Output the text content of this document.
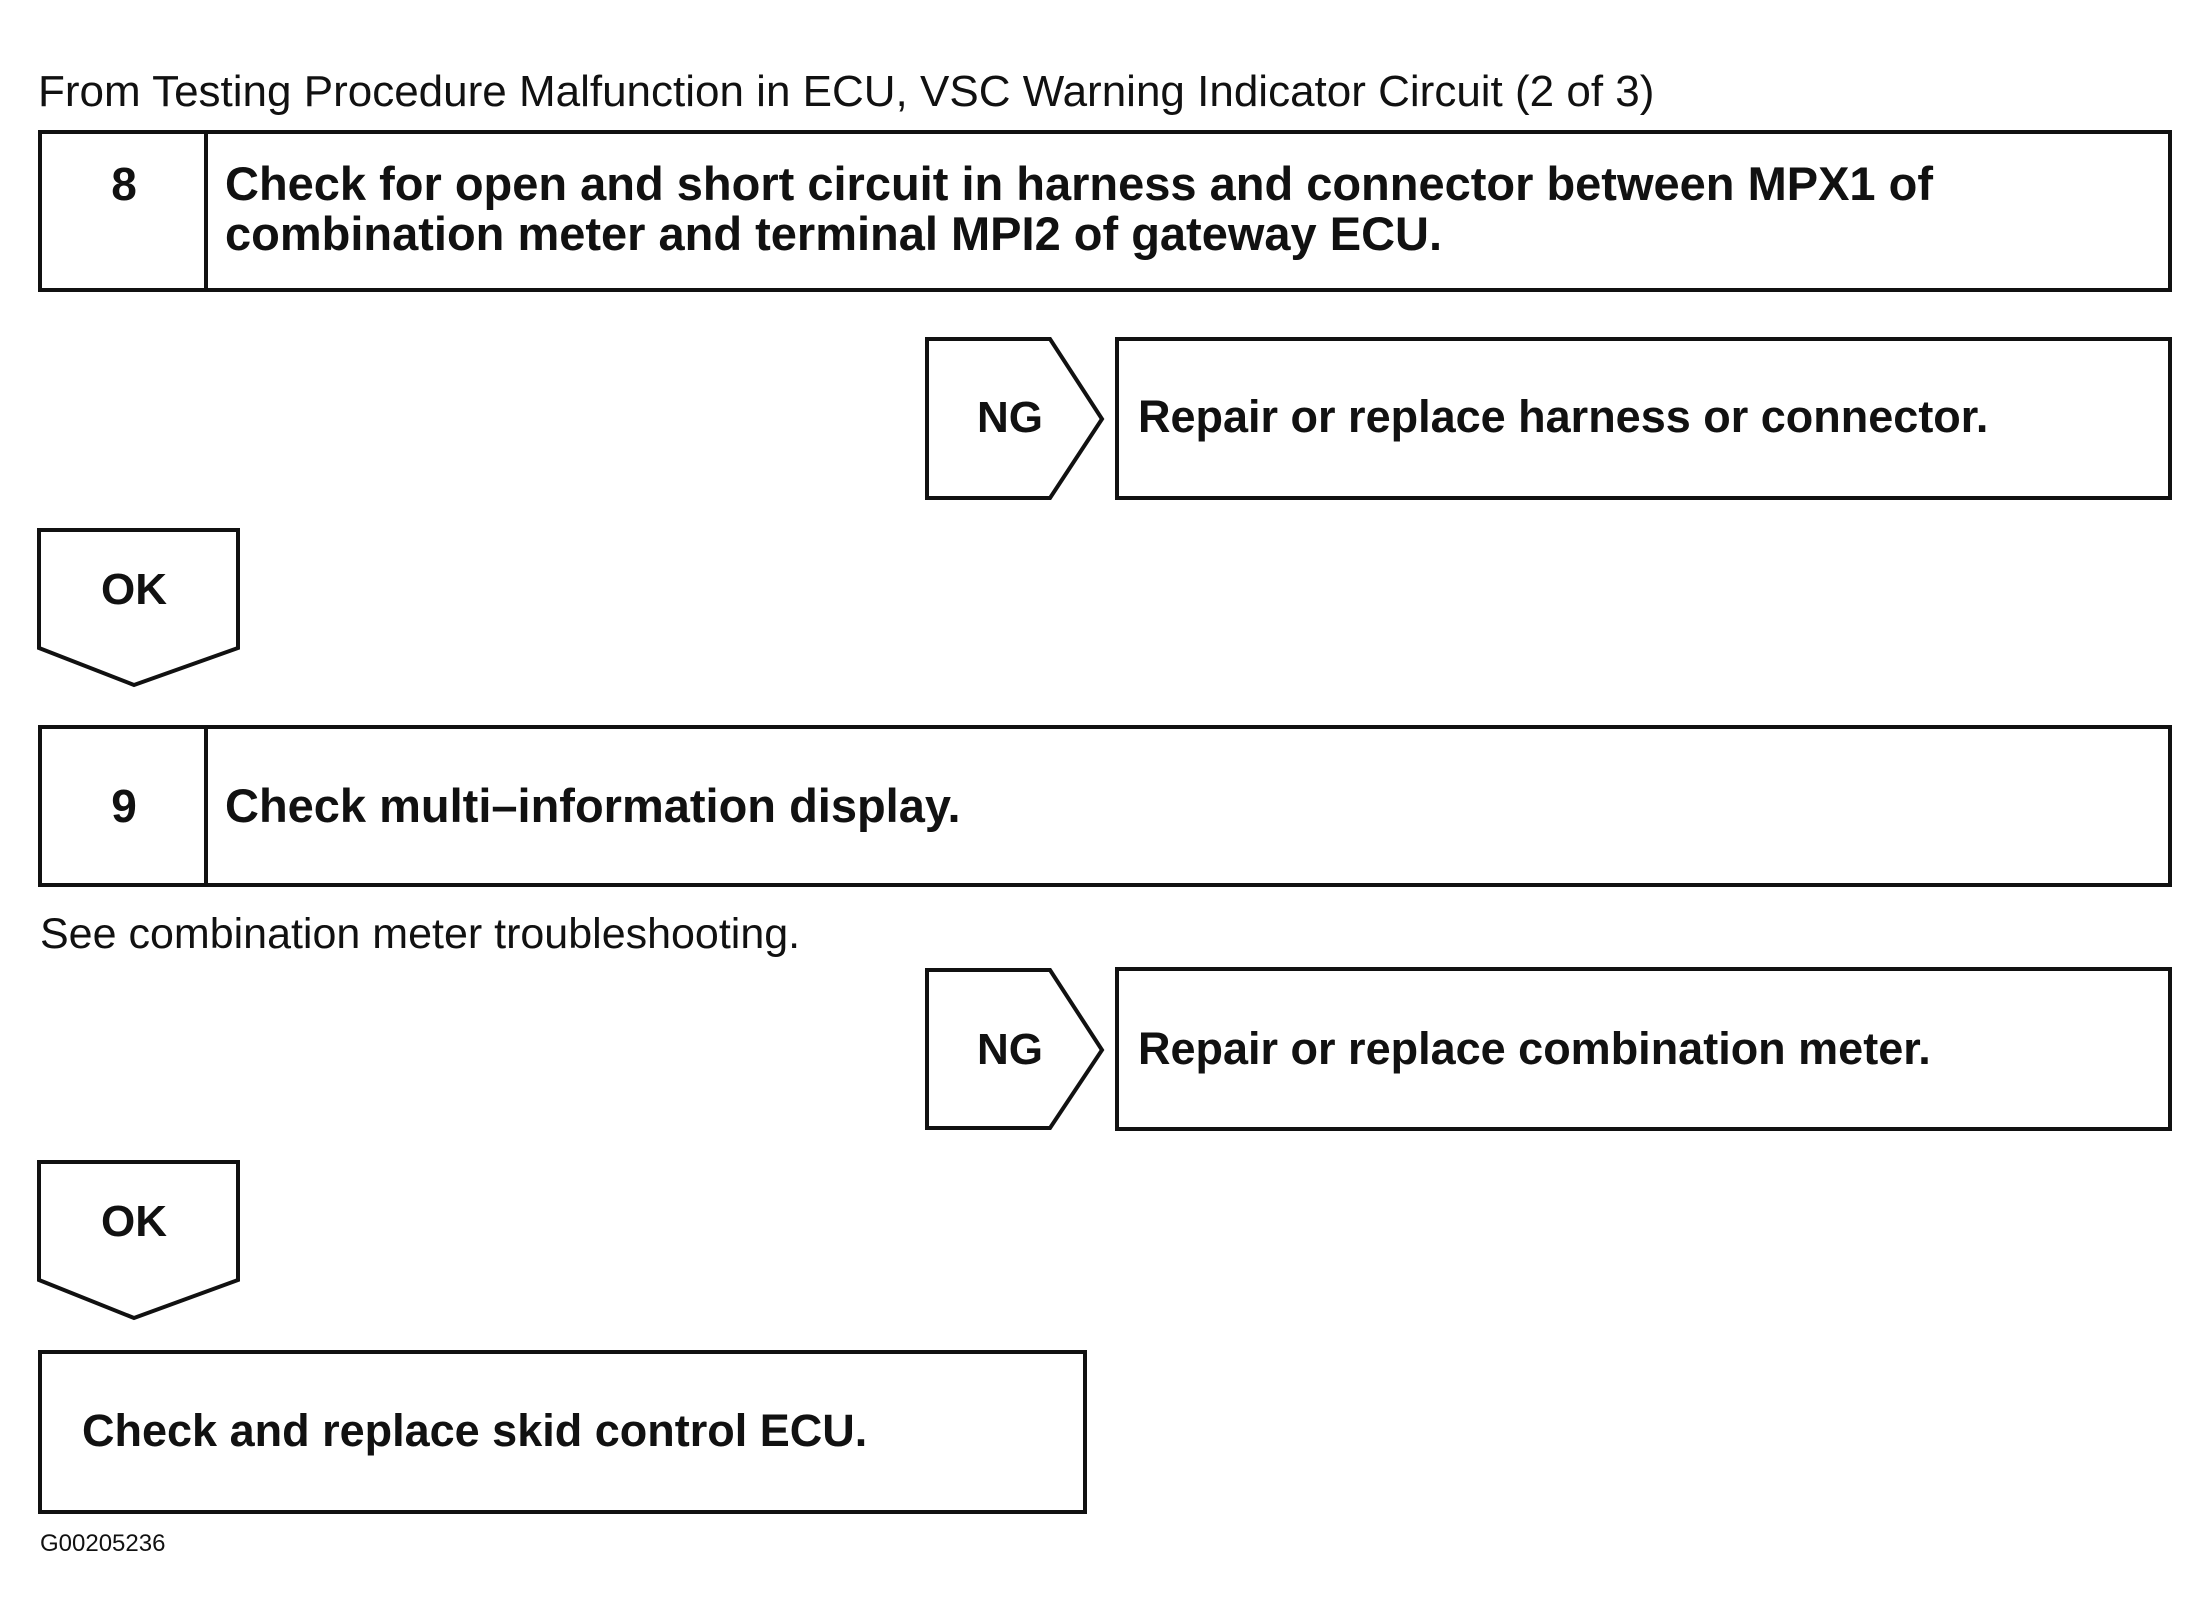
From Testing Procedure Malfunction in ECU, VSC Warning Indicator Circuit (2 of 3)
8 Check for open and short circuit in harness and connector between MPX1 of
combination meter and terminal MPI2 of gateway ECU.
NG Repair or replace harness or connector.
OK
9 Check multi–information display.
See combination meter troubleshooting.
NG Repair or replace combination meter.
OK
Check and replace skid control ECU.
G00205236
